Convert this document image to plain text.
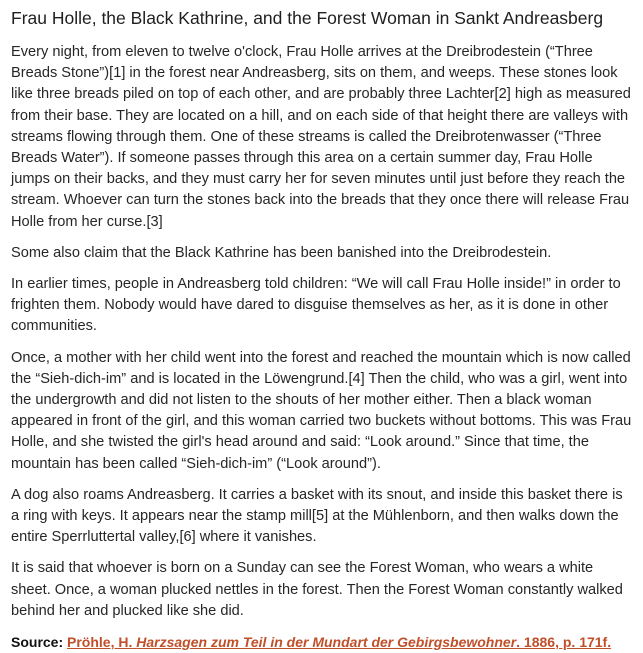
Frau Holle, the Black Kathrine, and the Forest Woman in Sankt Andreasberg

Every night, from eleven to twelve o'clock, Frau Holle arrives at the Dreibrodestein (“Three Breads Stone”)[1] in the forest near Andreasberg, sits on them, and weeps. These stones look like three breads piled on top of each other, and are probably three Lachter[2] high as measured from their base. They are located on a hill, and on each side of that height there are valleys with streams flowing through them. One of these streams is called the Dreibrotenwasser (“Three Breads Water”). If someone passes through this area on a certain summer day, Frau Holle jumps on their backs, and they must carry her for seven minutes until just before they reach the stream. Whoever can turn the stones back into the breads that they once there will release Frau Holle from her curse.[3]

Some also claim that the Black Kathrine has been banished into the Dreibrodestein.

In earlier times, people in Andreasberg told children: “We will call Frau Holle inside!” in order to frighten them. Nobody would have dared to disguise themselves as her, as it is done in other communities.

Once, a mother with her child went into the forest and reached the mountain which is now called the “Sieh-dich-im” and is located in the Löwengrund.[4] Then the child, who was a girl, went into the undergrowth and did not listen to the shouts of her mother either. Then a black woman appeared in front of the girl, and this woman carried two buckets without bottoms. This was Frau Holle, and she twisted the girl's head around and said: “Look around.” Since that time, the mountain has been called “Sieh-dich-im” (“Look around”).

A dog also roams Andreasberg. It carries a basket with its snout, and inside this basket there is a ring with keys. It appears near the stamp mill[5] at the Mühlenborn, and then walks down the entire Sperrluttertal valley,[6] where it vanishes.

It is said that whoever is born on a Sunday can see the Forest Woman, who wears a white sheet. Once, a woman plucked nettles in the forest. Then the Forest Woman constantly walked behind her and plucked like she did.

Source: Pröhle, H. Harzsagen zum Teil in der Mundart der Gebirgsbewohner. 1886, p. 171f.
